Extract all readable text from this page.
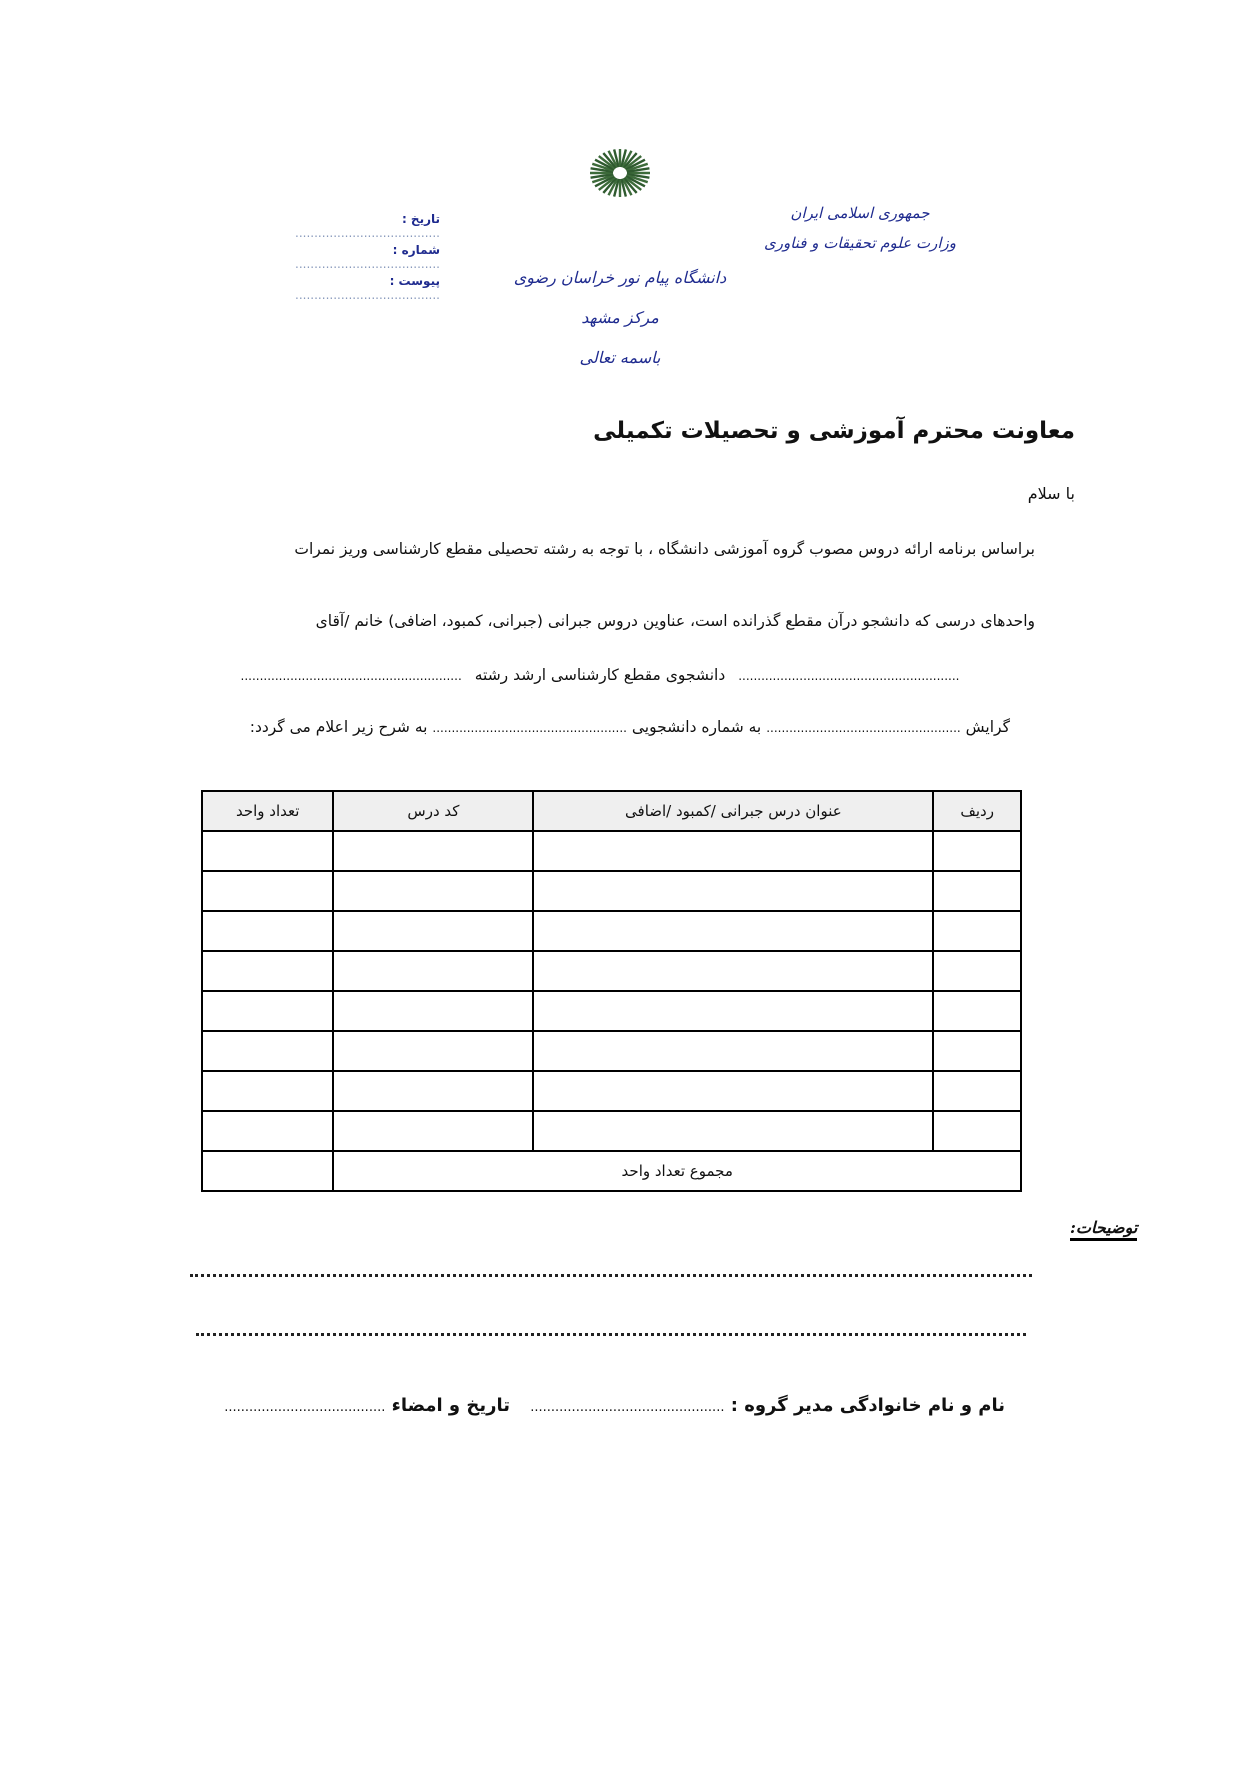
جمهوری اسلامی ایران
وزارت علوم تحقیقات و فناوری
دانشگاه پیام نور خراسان رضوی
مرکز مشهد
باسمه تعالی
تاریخ : ......................................
شماره : ......................................
پیوست : ......................................
معاونت محترم آموزشی و تحصیلات تکمیلی
با سلام
براساس برنامه ارائه دروس مصوب گروه آموزشی دانشگاه ، با توجه به رشته تحصیلی مقطع کارشناسی وریز نمرات
واحدهای درسی که دانشجو درآن مقطع گذرانده است، عناوین دروس جبرانی (جبرانی، کمبود، اضافی) خانم /آقای
.......................................................... دانشجوی مقطع کارشناسی ارشد رشته ..........................................................
گرایش ................................................... به شماره دانشجویی ................................................... به شرح زیر اعلام می گردد:
ردیف	عنوان درس جبرانی /کمبود /اضافی	کد درس	تعداد واحد

مجموع تعداد واحد			
توضیحات:
نام و نام خانوادگی مدیر گروه : ...............................................
تاریخ و امضاء .......................................
